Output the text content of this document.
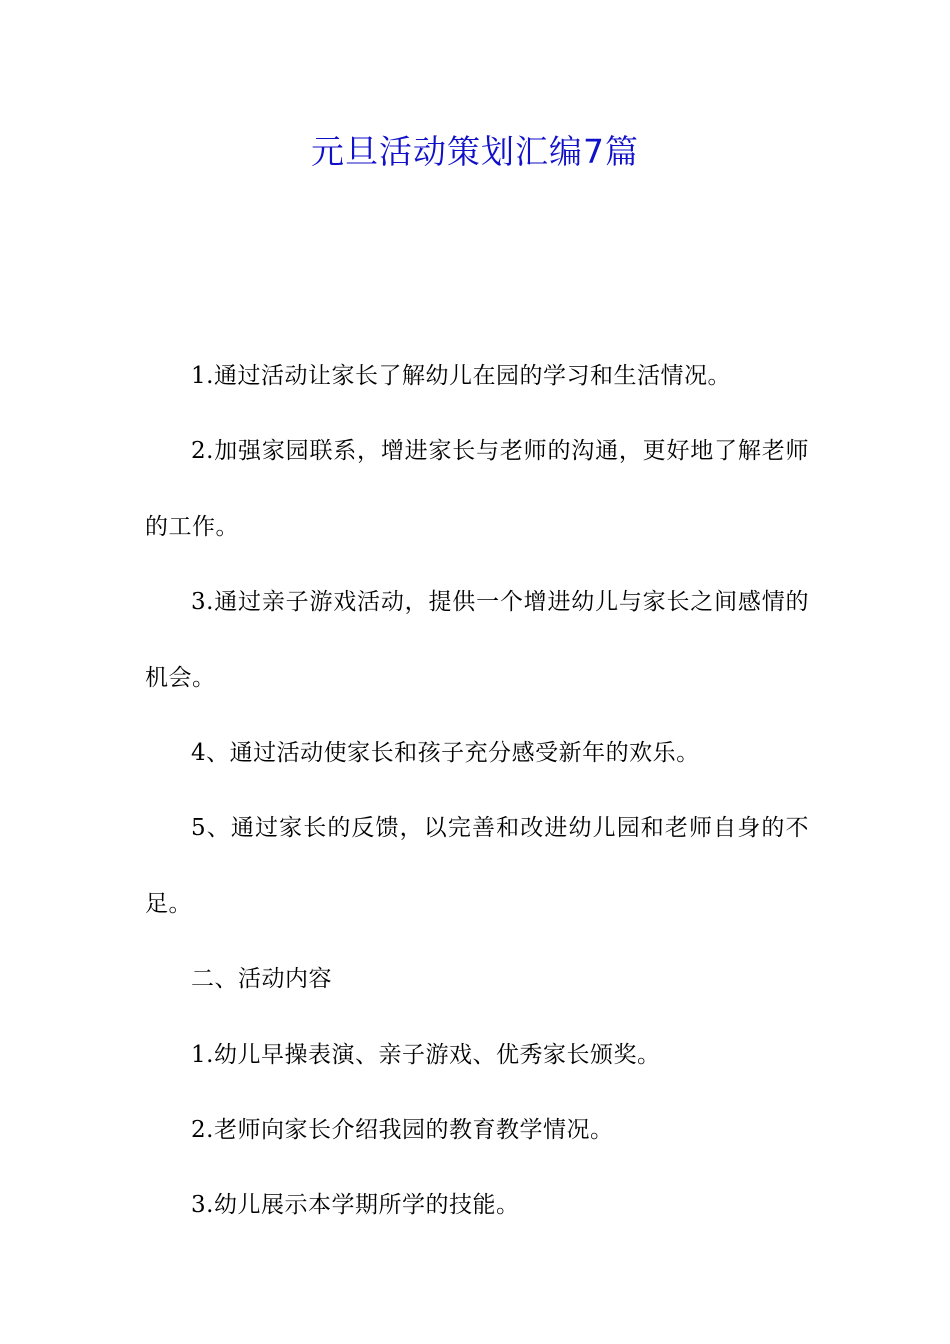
元旦活动策划汇编7篇

1.通过活动让家长了解幼儿在园的学习和生活情况。

2.加强家园联系，增进家长与老师的沟通，更好地了解老师的工作。

3.通过亲子游戏活动，提供一个增进幼儿与家长之间感情的机会。

4、通过活动使家长和孩子充分感受新年的欢乐。

5、通过家长的反馈，以完善和改进幼儿园和老师自身的不足。

二、活动内容

1.幼儿早操表演、亲子游戏、优秀家长颁奖。

2.老师向家长介绍我园的教育教学情况。

3.幼儿展示本学期所学的技能。
